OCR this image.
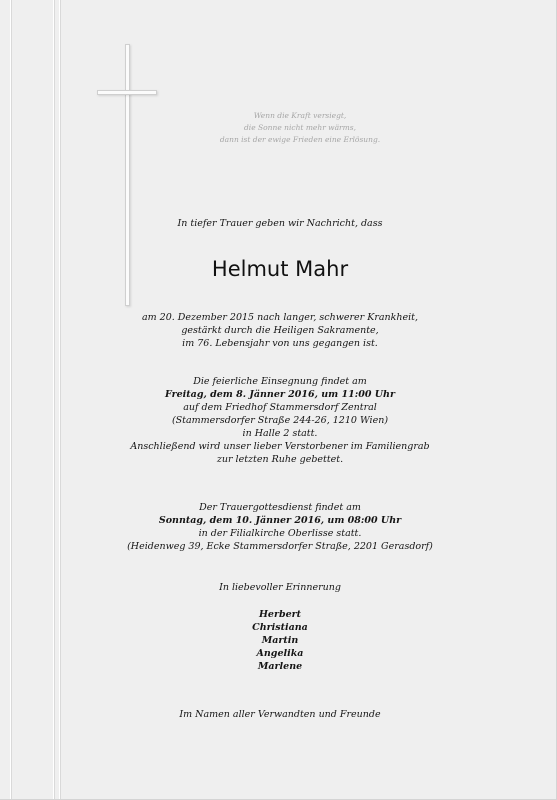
Wenn die Kraft versiegt,
die Sonne nicht mehr wärms,
dann ist der ewige Frieden eine Erlösung.
In tiefer Trauer geben wir Nachricht, dass
Helmut Mahr
am 20. Dezember 2015 nach langer, schwerer Krankheit,
gestärkt durch die Heiligen Sakramente,
im 76. Lebensjahr von uns gegangen ist.
Die feierliche Einsegnung findet am
Freitag, dem 8. Jänner 2016, um 11:00 Uhr
auf dem Friedhof Stammersdorf Zentral
(Stammersdorfer Straße 244-26, 1210 Wien)
in Halle 2 statt.
Anschließend wird unser lieber Verstorbener im Familiengrab
zur letzten Ruhe gebettet.
Der Trauergottesdienst findet am
Sonntag, dem 10. Jänner 2016, um 08:00 Uhr
in der Filialkirche Oberlisse statt.
(Heidenweg 39, Ecke Stammersdorfer Straße, 2201 Gerasdorf)
In liebevoller Erinnerung
Herbert
Christiana
Martin
Angelika
Marlene
Im Namen aller Verwandten und Freunde
